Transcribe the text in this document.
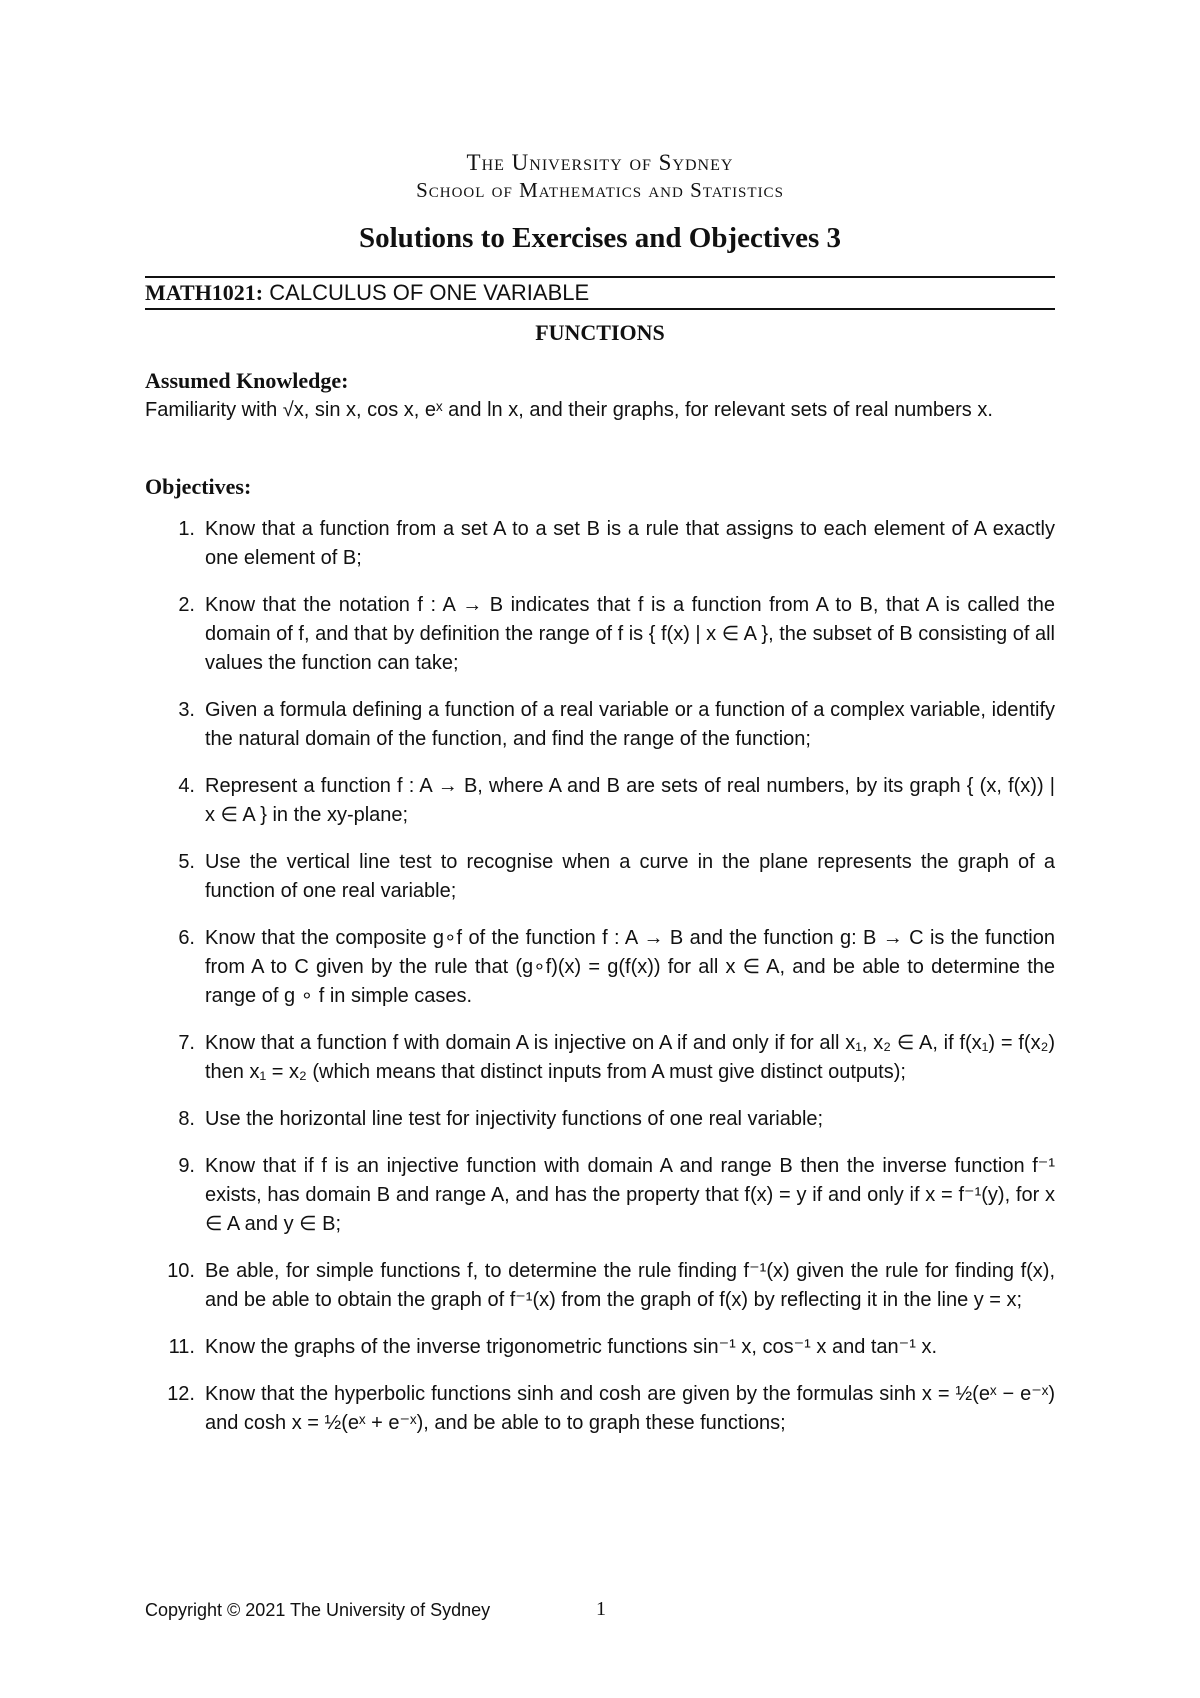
The University of Sydney
School of Mathematics and Statistics
Solutions to Exercises and Objectives 3
MATH1021: CALCULUS OF ONE VARIABLE
FUNCTIONS
Assumed Knowledge:
Familiarity with √x, sin x, cos x, eˣ and ln x, and their graphs, for relevant sets of real numbers x.
Objectives:
1. Know that a function from a set A to a set B is a rule that assigns to each element of A exactly one element of B;
2. Know that the notation f : A → B indicates that f is a function from A to B, that A is called the domain of f, and that by definition the range of f is { f(x) | x ∈ A }, the subset of B consisting of all values the function can take;
3. Given a formula defining a function of a real variable or a function of a complex variable, identify the natural domain of the function, and find the range of the function;
4. Represent a function f : A → B, where A and B are sets of real numbers, by its graph { (x, f(x)) | x ∈ A } in the xy-plane;
5. Use the vertical line test to recognise when a curve in the plane represents the graph of a function of one real variable;
6. Know that the composite g∘f of the function f : A → B and the function g: B → C is the function from A to C given by the rule that (g∘f)(x) = g(f(x)) for all x ∈ A, and be able to determine the range of g ∘ f in simple cases.
7. Know that a function f with domain A is injective on A if and only if for all x₁, x₂ ∈ A, if f(x₁) = f(x₂) then x₁ = x₂ (which means that distinct inputs from A must give distinct outputs);
8. Use the horizontal line test for injectivity functions of one real variable;
9. Know that if f is an injective function with domain A and range B then the inverse function f⁻¹ exists, has domain B and range A, and has the property that f(x) = y if and only if x = f⁻¹(y), for x ∈ A and y ∈ B;
10. Be able, for simple functions f, to determine the rule finding f⁻¹(x) given the rule for finding f(x), and be able to obtain the graph of f⁻¹(x) from the graph of f(x) by reflecting it in the line y = x;
11. Know the graphs of the inverse trigonometric functions sin⁻¹ x, cos⁻¹ x and tan⁻¹ x.
12. Know that the hyperbolic functions sinh and cosh are given by the formulas sinh x = ½(eˣ − e⁻ˣ) and cosh x = ½(eˣ + e⁻ˣ), and be able to to graph these functions;
Copyright © 2021 The University of Sydney	1
